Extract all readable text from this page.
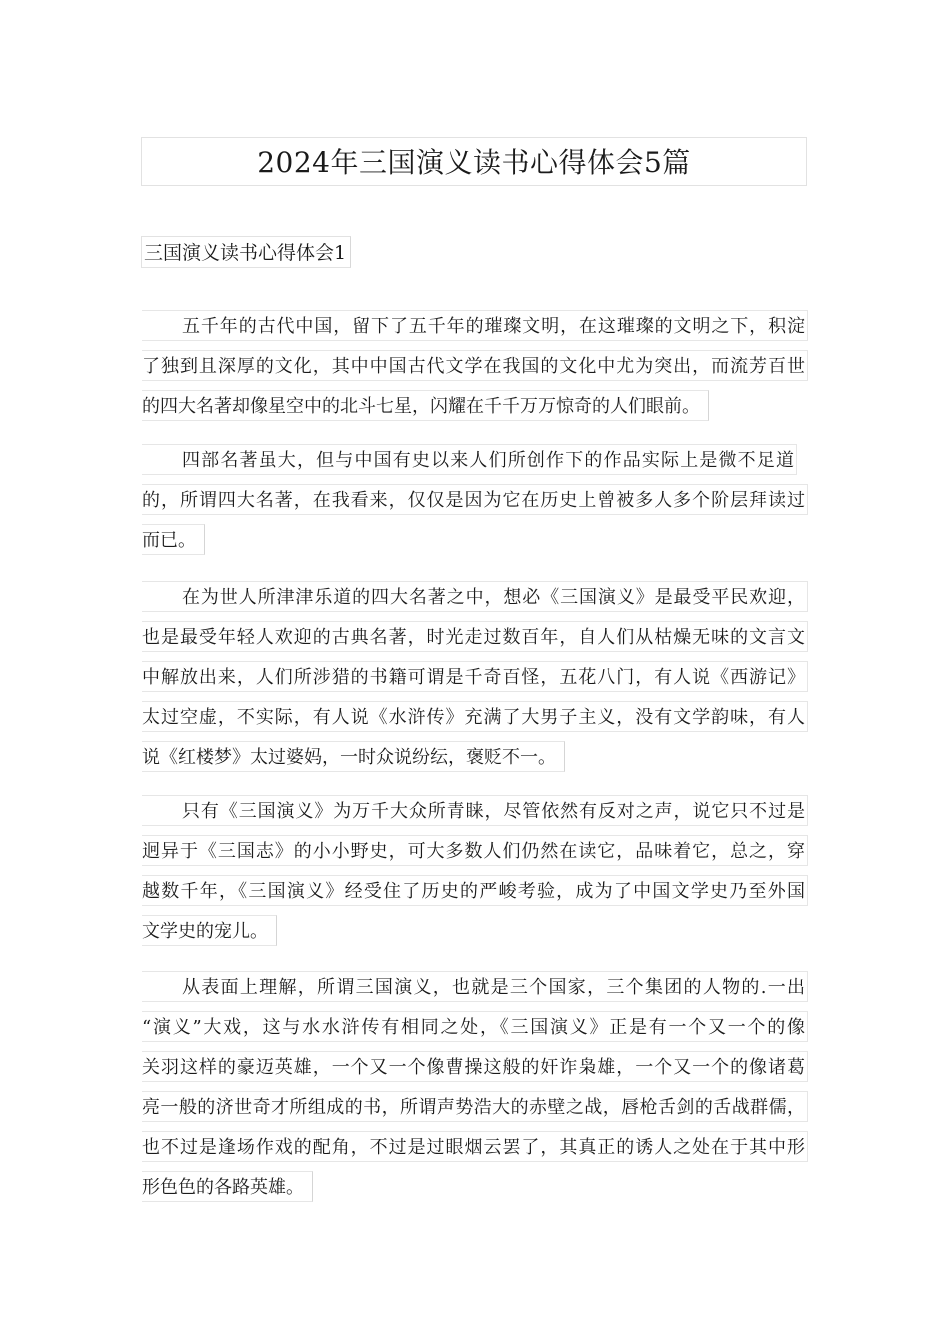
2024年三国演义读书心得体会5篇
三国演义读书心得体会1
五千年的古代中国，留下了五千年的璀璨文明，在这璀璨的文明之下，积淀
了独到且深厚的文化，其中中国古代文学在我国的文化中尤为突出，而流芳百世
的四大名著却像星空中的北斗七星，闪耀在千千万万惊奇的人们眼前。
四部名著虽大，但与中国有史以来人们所创作下的作品实际上是微不足道
的，所谓四大名著，在我看来，仅仅是因为它在历史上曾被多人多个阶层拜读过
而已。
在为世人所津津乐道的四大名著之中，想必《三国演义》是最受平民欢迎，
也是最受年轻人欢迎的古典名著，时光走过数百年，自人们从枯燥无味的文言文
中解放出来，人们所涉猎的书籍可谓是千奇百怪，五花八门，有人说《西游记》
太过空虚，不实际，有人说《水浒传》充满了大男子主义，没有文学韵味，有人
说《红楼梦》太过婆妈，一时众说纷纭，褒贬不一。
只有《三国演义》为万千大众所青睐，尽管依然有反对之声，说它只不过是
迥异于《三国志》的小小野史，可大多数人们仍然在读它，品味着它，总之，穿
越数千年，《三国演义》经受住了历史的严峻考验，成为了中国文学史乃至外国
文学史的宠儿。
从表面上理解，所谓三国演义，也就是三个国家，三个集团的人物的.一出
“演义”大戏，这与水水浒传有相同之处，《三国演义》正是有一个又一个的像
关羽这样的豪迈英雄，一个又一个像曹操这般的奸诈枭雄，一个又一个的像诸葛
亮一般的济世奇才所组成的书，所谓声势浩大的赤壁之战，唇枪舌剑的舌战群儒，
也不过是逢场作戏的配角，不过是过眼烟云罢了，其真正的诱人之处在于其中形
形色色的各路英雄。
